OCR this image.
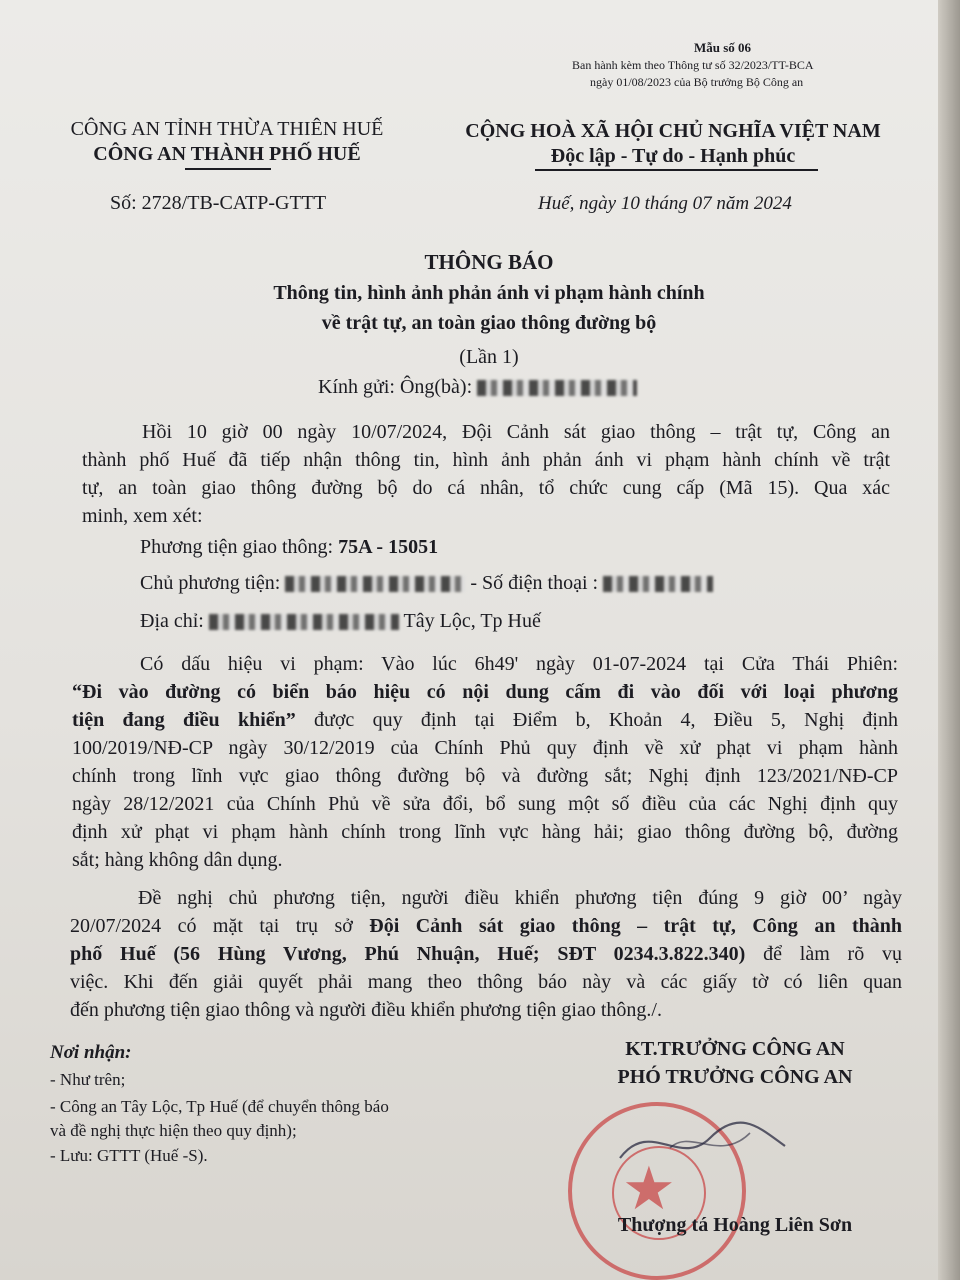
Mẫu số 06
Ban hành kèm theo Thông tư số 32/2023/TT-BCA
ngày 01/08/2023 của Bộ trưởng Bộ Công an
CÔNG AN TỈNH THỪA THIÊN HUẾ
CÔNG AN THÀNH PHỐ HUẾ
Số: 2728/TB-CATP-GTTT
CỘNG HOÀ XÃ HỘI CHỦ NGHĨA VIỆT NAM
Độc lập - Tự do - Hạnh phúc
Huế, ngày 10 tháng 07 năm 2024
THÔNG BÁO
Thông tin, hình ảnh phản ánh vi phạm hành chính
về trật tự, an toàn giao thông đường bộ
(Lần 1)
Kính gửi: Ông(bà):
Hồi 10 giờ 00 ngày 10/07/2024, Đội Cảnh sát giao thông – trật tự, Công an
thành phố Huế đã tiếp nhận thông tin, hình ảnh phản ánh vi phạm hành chính về trật
tự, an toàn giao thông đường bộ do cá nhân, tổ chức cung cấp (Mã 15). Qua xác
minh, xem xét:
Phương tiện giao thông: 75A - 15051
Chủ phương tiện:	- Số điện thoại :
Địa chỉ:	Tây Lộc, Tp Huế
Có dấu hiệu vi phạm: Vào lúc 6h49' ngày 01-07-2024 tại Cửa Thái Phiên:
“Đi vào đường có biển báo hiệu có nội dung cấm đi vào đối với loại phương
tiện đang điều khiển” được quy định tại Điểm b, Khoản 4, Điều 5, Nghị định
100/2019/NĐ-CP ngày 30/12/2019 của Chính Phủ quy định về xử phạt vi phạm hành
chính trong lĩnh vực giao thông đường bộ và đường sắt; Nghị định 123/2021/NĐ-CP
ngày 28/12/2021 của Chính Phủ về sửa đổi, bổ sung một số điều của các Nghị định quy
định xử phạt vi phạm hành chính trong lĩnh vực hàng hải; giao thông đường bộ, đường
sắt; hàng không dân dụng.
Đề nghị chủ phương tiện, người điều khiển phương tiện đúng 9 giờ 00’ ngày
20/07/2024 có mặt tại trụ sở Đội Cảnh sát giao thông – trật tự, Công an thành
phố Huế (56 Hùng Vương, Phú Nhuận, Huế; SĐT 0234.3.822.340) để làm rõ vụ
việc. Khi đến giải quyết phải mang theo thông báo này và các giấy tờ có liên quan
đến phương tiện giao thông và người điều khiển phương tiện giao thông./.
Nơi nhận:
- Như trên;
- Công an Tây Lộc, Tp Huế (để chuyển thông báo
và đề nghị thực hiện theo quy định);
- Lưu: GTTT (Huế -S).
KT.TRƯỞNG CÔNG AN
PHÓ TRƯỞNG CÔNG AN
★
Thượng tá Hoàng Liên Sơn
